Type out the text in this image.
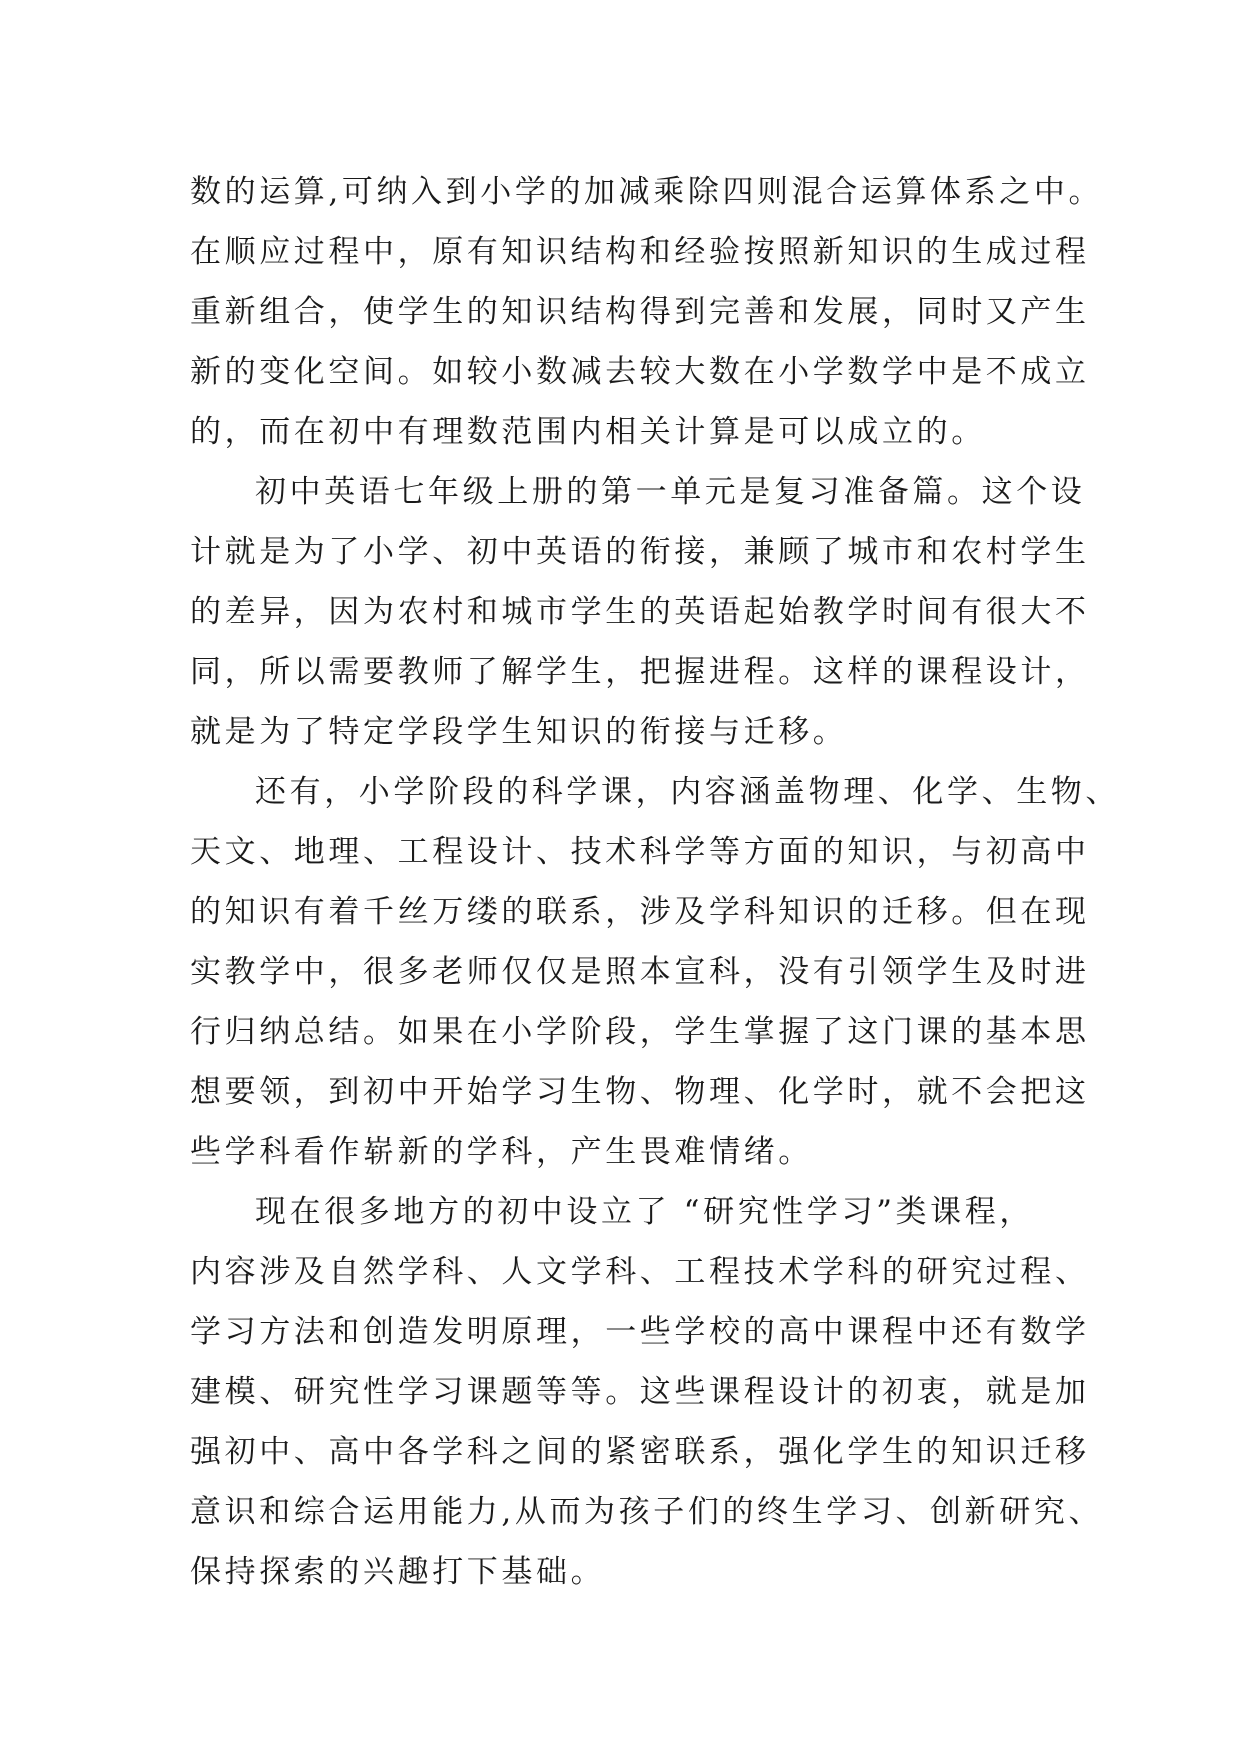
数的运算,可纳入到小学的加减乘除四则混合运算体系之中。
在顺应过程中，原有知识结构和经验按照新知识的生成过程
重新组合，使学生的知识结构得到完善和发展，同时又产生
新的变化空间。如较小数减去较大数在小学数学中是不成立
的，而在初中有理数范围内相关计算是可以成立的。
初中英语七年级上册的第一单元是复习准备篇。这个设
计就是为了小学、初中英语的衔接，兼顾了城市和农村学生
的差异，因为农村和城市学生的英语起始教学时间有很大不
同，所以需要教师了解学生，把握进程。这样的课程设计，
就是为了特定学段学生知识的衔接与迁移。
还有，小学阶段的科学课，内容涵盖物理、化学、生物、
天文、地理、工程设计、技术科学等方面的知识，与初高中
的知识有着千丝万缕的联系，涉及学科知识的迁移。但在现
实教学中，很多老师仅仅是照本宣科，没有引领学生及时进
行归纳总结。如果在小学阶段，学生掌握了这门课的基本思
想要领，到初中开始学习生物、物理、化学时，就不会把这
些学科看作崭新的学科，产生畏难情绪。
现在很多地方的初中设立了 “研究性学习”类课程，
内容涉及自然学科、人文学科、工程技术学科的研究过程、
学习方法和创造发明原理，一些学校的高中课程中还有数学
建模、研究性学习课题等等。这些课程设计的初衷，就是加
强初中、高中各学科之间的紧密联系，强化学生的知识迁移
意识和综合运用能力,从而为孩子们的终生学习、创新研究、
保持探索的兴趣打下基础。
